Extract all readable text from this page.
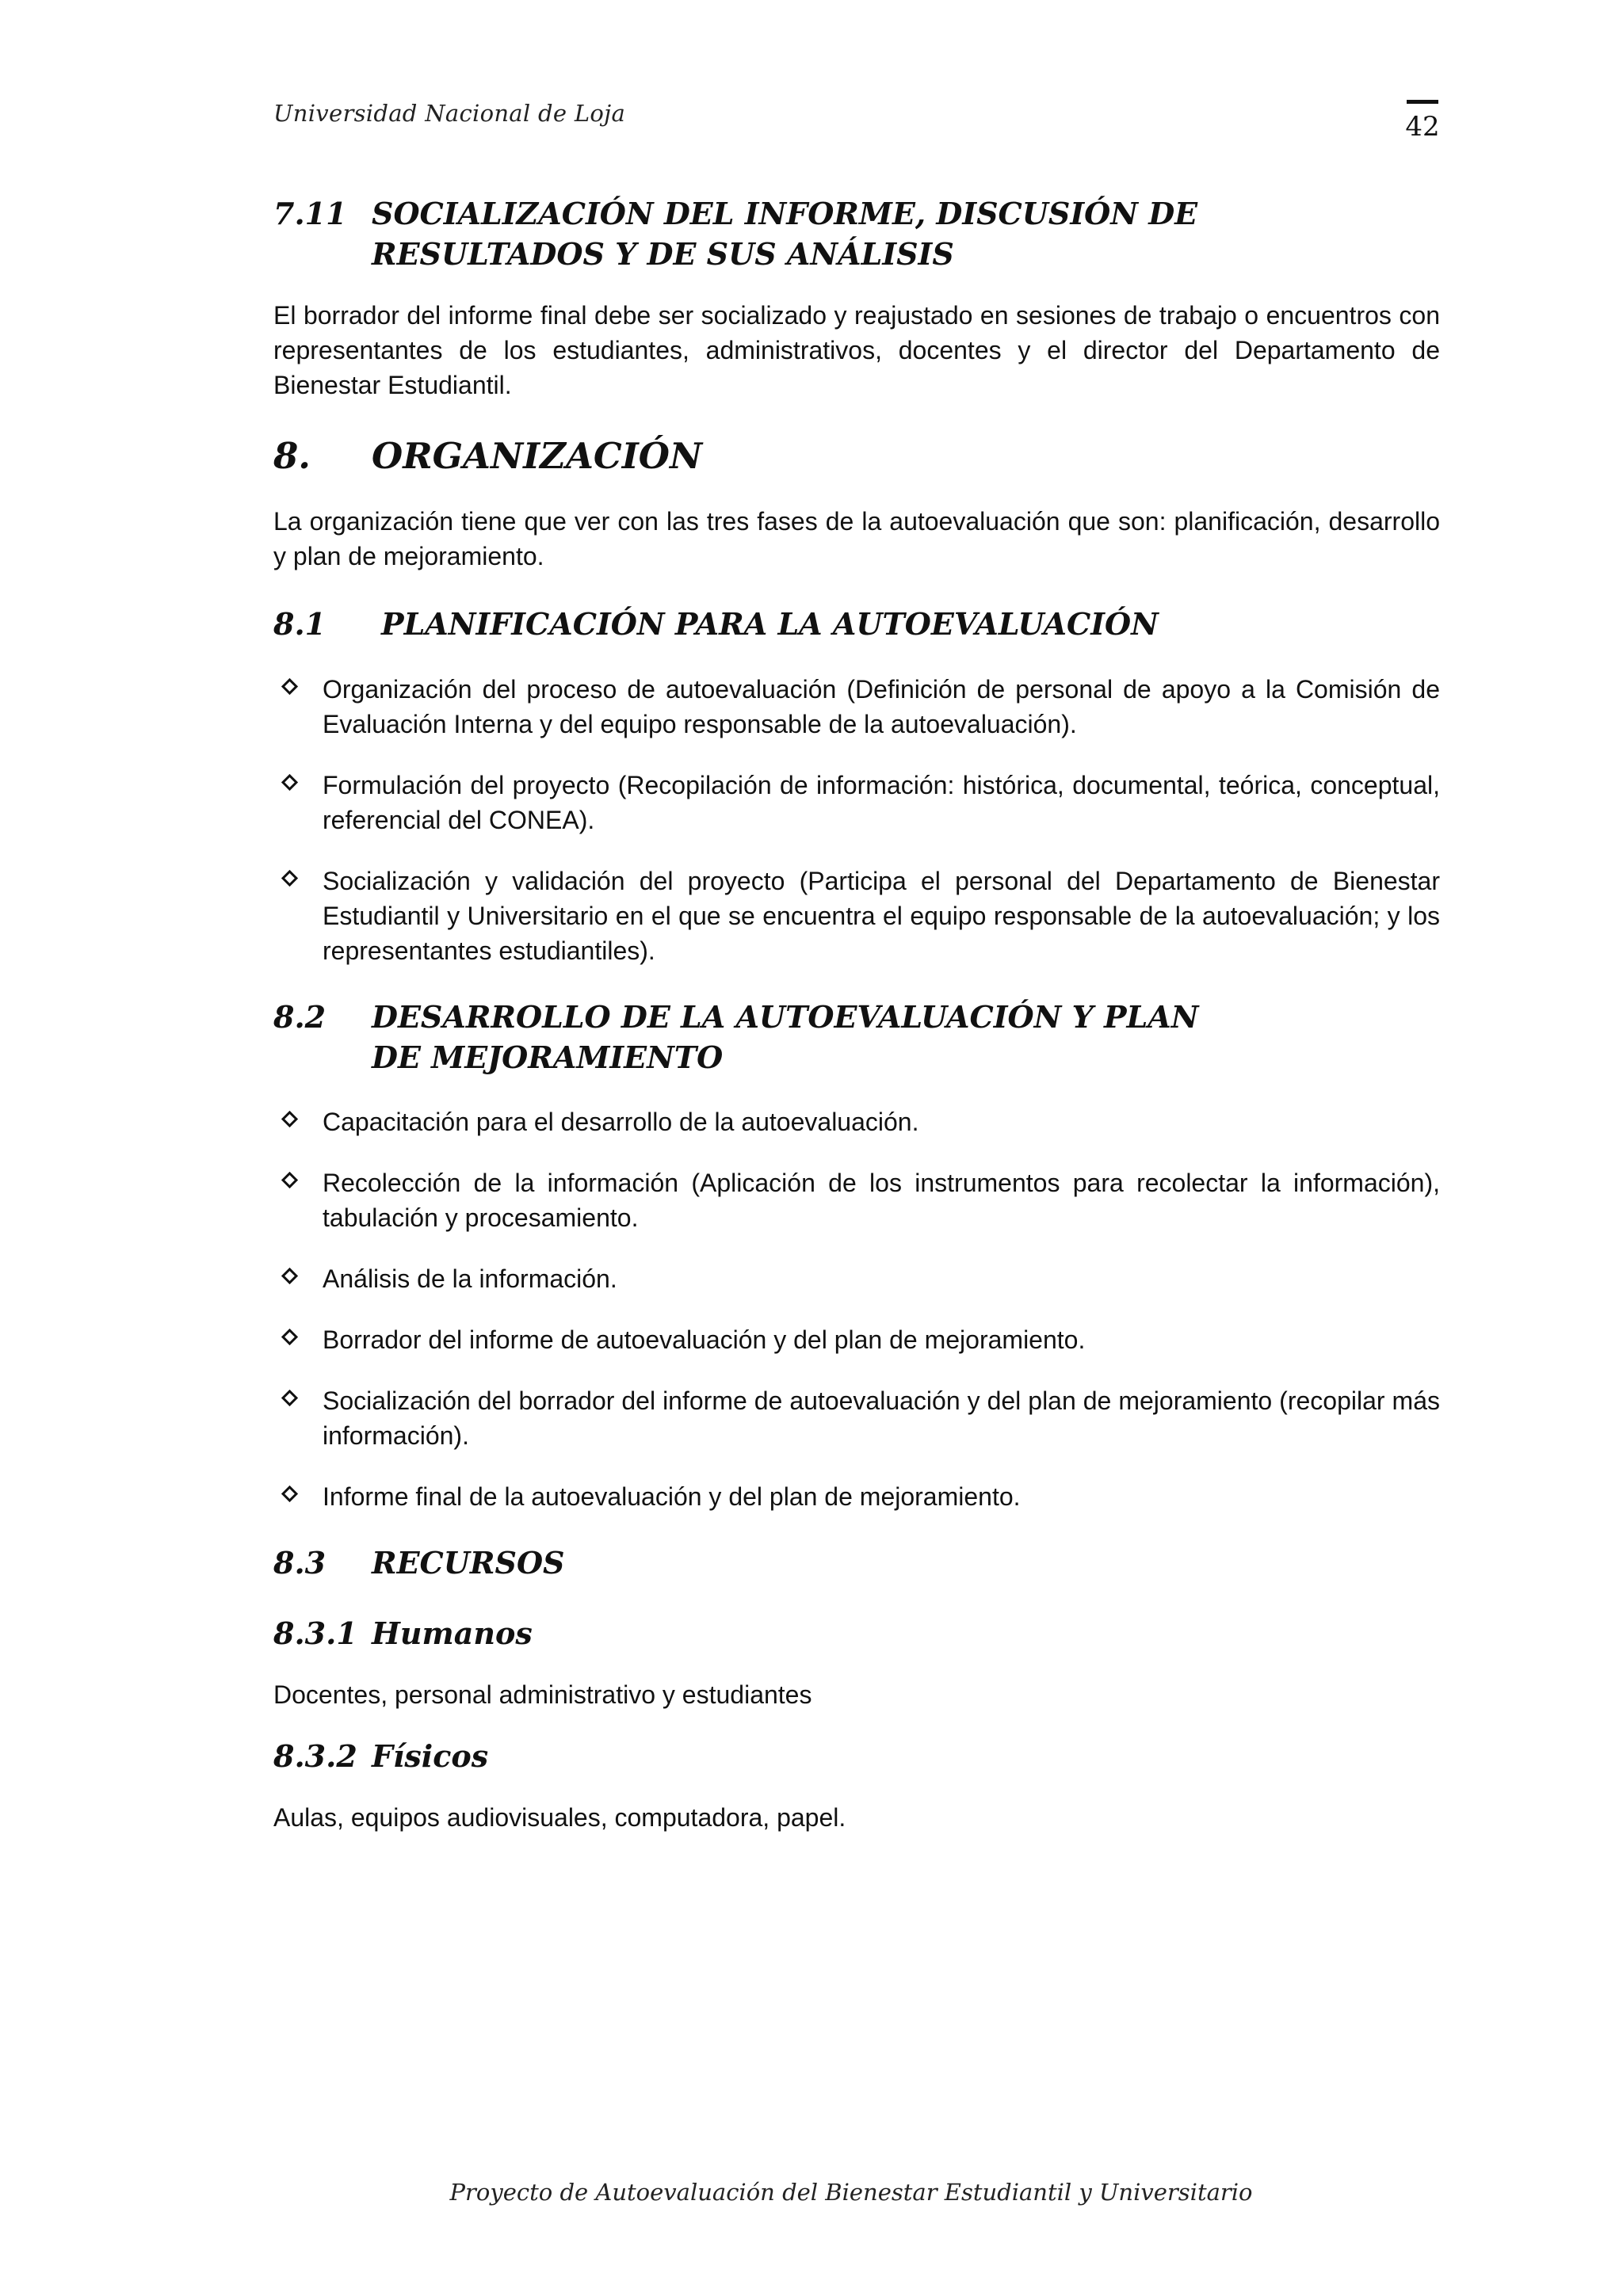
Universidad Nacional de Loja	42
7.11 SOCIALIZACIÓN DEL INFORME, DISCUSIÓN DE RESULTADOS Y DE SUS ANÁLISIS

El borrador del informe final debe ser socializado y reajustado en sesiones de trabajo o encuentros con representantes de los estudiantes, administrativos, docentes y el director del Departamento de Bienestar Estudiantil.

8.	ORGANIZACIÓN

La organización tiene que ver con las tres fases de la autoevaluación que son: planificación, desarrollo y plan de mejoramiento.

8.1	PLANIFICACIÓN PARA LA AUTOEVALUACIÓN
Organización del proceso de autoevaluación (Definición de personal de apoyo a la Comisión de Evaluación Interna y del equipo responsable de la autoevaluación).
Formulación del proyecto (Recopilación de información: histórica, documental, teórica, conceptual, referencial del CONEA).
Socialización y validación del proyecto (Participa el personal del Departamento de Bienestar Estudiantil y Universitario en el que se encuentra el equipo responsable de la autoevaluación; y los representantes estudiantiles).
8.2	DESARROLLO DE LA AUTOEVALUACIÓN Y PLAN DE MEJORAMIENTO
Capacitación para el desarrollo de la autoevaluación.
Recolección de la información (Aplicación de los instrumentos para recolectar la información), tabulación y procesamiento.
Análisis de la información.
Borrador del informe de autoevaluación y del plan de mejoramiento.
Socialización del borrador del informe de autoevaluación y del plan de mejoramiento (recopilar más información).
Informe final de la autoevaluación y del plan de mejoramiento.
8.3	RECURSOS
8.3.1 Humanos

Docentes, personal administrativo y estudiantes

8.3.2 Físicos

Aulas, equipos audiovisuales, computadora, papel.

Proyecto de Autoevaluación del Bienestar Estudiantil y Universitario
